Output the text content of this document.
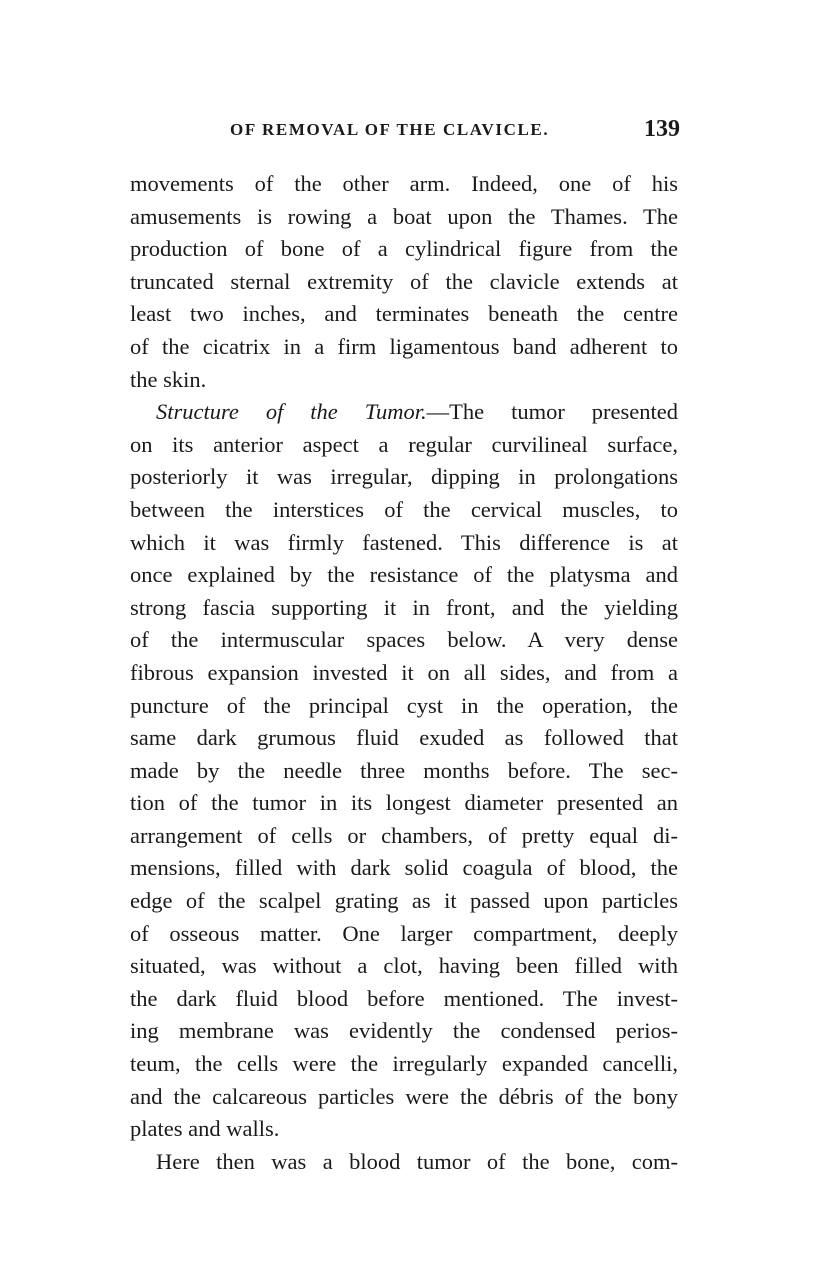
OF REMOVAL OF THE CLAVICLE.	139
movements of the other arm. Indeed, one of his
amusements is rowing a boat upon the Thames. The
production of bone of a cylindrical figure from the
truncated sternal extremity of the clavicle extends at
least two inches, and terminates beneath the centre
of the cicatrix in a firm ligamentous band adherent to
the skin.
Structure of the Tumor.—The tumor presented
on its anterior aspect a regular curvilineal surface,
posteriorly it was irregular, dipping in prolongations
between the interstices of the cervical muscles, to
which it was firmly fastened. This difference is at
once explained by the resistance of the platysma and
strong fascia supporting it in front, and the yielding
of the intermuscular spaces below. A very dense
fibrous expansion invested it on all sides, and from a
puncture of the principal cyst in the operation, the
same dark grumous fluid exuded as followed that
made by the needle three months before. The sec-
tion of the tumor in its longest diameter presented an
arrangement of cells or chambers, of pretty equal di-
mensions, filled with dark solid coagula of blood, the
edge of the scalpel grating as it passed upon particles
of osseous matter. One larger compartment, deeply
situated, was without a clot, having been filled with
the dark fluid blood before mentioned. The invest-
ing membrane was evidently the condensed perios-
teum, the cells were the irregularly expanded cancelli,
and the calcareous particles were the débris of the bony
plates and walls.
Here then was a blood tumor of the bone, com-
